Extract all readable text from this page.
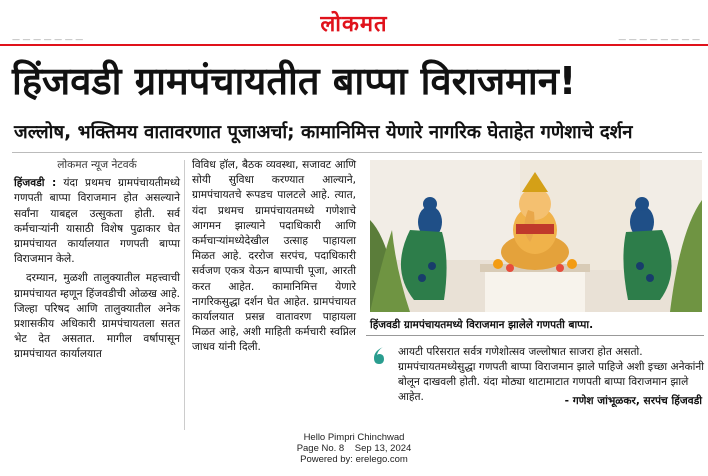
— — — — — — —
लोकमत
— — — — — — — —
हिंजवडी ग्रामपंचायतीत बाप्पा विराजमान!
जल्लोष, भक्तिमय वातावरणात पूजाअर्चा; कामानिमित्त येणारे नागरिक घेताहेत गणेशाचे दर्शन
लोकमत न्यूज नेटवर्क

हिंजवडी : यंदा प्रथमच ग्रामपंचायतीमध्ये गणपती बाप्पा विराजमान होत असल्याने सर्वांना याबद्दल उत्सुकता होती. सर्व कर्मचाऱ्यांनी यासाठी विशेष पुढाकार घेत ग्रामपंचायत कार्यालयात गणपती बाप्पा विराजमान केले.

दरम्यान, मुळशी तालुक्यातील महत्त्वाची ग्रामपंचायत म्हणून हिंजवडीची ओळख आहे. जिल्हा परिषद आणि तालुक्यातील अनेक प्रशासकीय अधिकारी ग्रामपंचायतला सतत भेट देत असतात. मागील वर्षापासून ग्रामपंचायत कार्यालयात

विविध हॉल, बैठक व्यवस्था, सजावट आणि सोयी सुविधा करण्यात आल्याने, ग्रामपंचायतचे रूपडच पालटले आहे. त्यात, यंदा प्रथमच ग्रामपंचायतमध्ये गणेशाचे आगमन झाल्याने पदाधिकारी आणि कर्मचाऱ्यांमध्येदेखील उत्साह पाहायला मिळत आहे. दररोज सरपंच, पदाधिकारी सर्वजण एकत्र येऊन बाप्पाची पूजा, आरती करत आहेत. कामानिमित्त येणारे नागरिकसुद्धा दर्शन घेत आहेत. ग्रामपंचायत कार्यालयात प्रसन्न वातावरण पाहायला मिळत आहे, अशी माहिती कर्मचारी स्वप्निल जाधव यांनी दिली.

हिंजवडी ग्रामपंचायतमध्ये विराजमान झालेले गणपती बाप्पा.
आयटी परिसरात सर्वत्र गणेशोत्सव जल्लोषात साजरा होत असतो. ग्रामपंचायतमध्येसुद्धा गणपती बाप्पा विराजमान झाले पाहिजे अशी इच्छा अनेकांनी बोलून दाखवली होती. यंदा मोठ्या थाटामाटात गणपती बाप्पा विराजमान झाले आहेत.	- गणेश जांभूळकर, सरपंच हिंजवडी
Hello Pimpri Chinchwad
Page No. 8    Sep 13, 2024
Powered by: erelego.com
